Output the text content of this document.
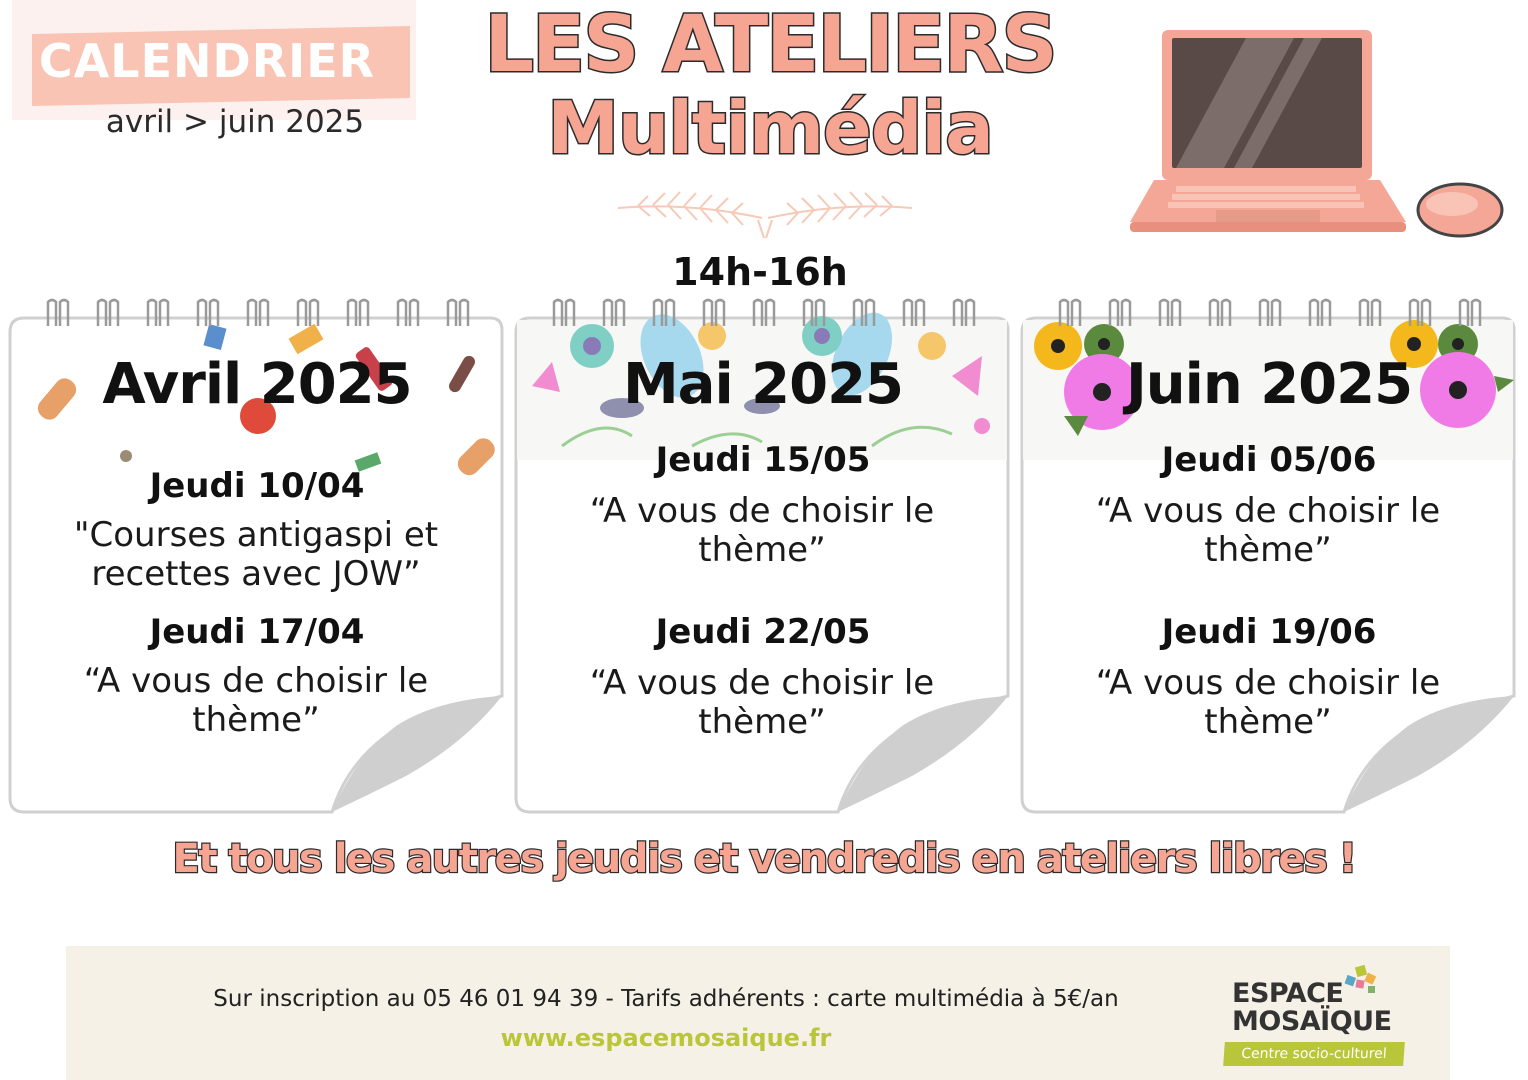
CALENDRIER
avril > juin 2025
LES ATELIERS
Multimédia
14h-16h
Avril 2025
Jeudi 10/04
"Courses antigaspi et recettes avec JOW”
Jeudi 17/04
“A vous de choisir le thème”
Mai 2025
Jeudi 15/05
“A vous de choisir le thème”
Jeudi 22/05
“A vous de choisir le thème”
Juin 2025
Jeudi 05/06
“A vous de choisir le thème”
Jeudi 19/06
“A vous de choisir le thème”
Et tous les autres jeudis et vendredis en ateliers libres !
Sur inscription au 05 46 01 94 39 - Tarifs adhérents : carte multimédia à 5€/an
www.espacemosaique.fr
ESPACE
MOSAÏQUE
Centre socio-culturel
